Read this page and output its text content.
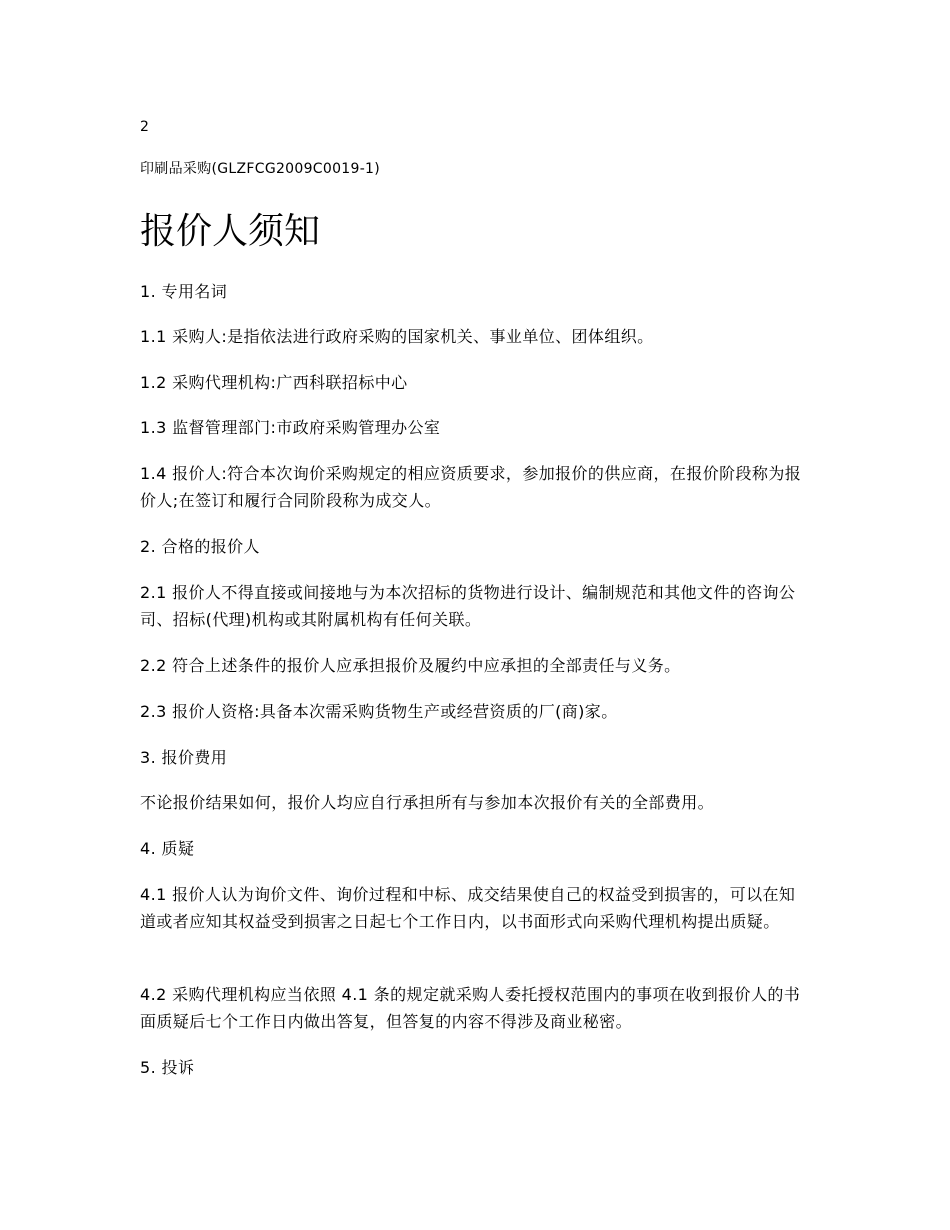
2
印刷品采购(GLZFCG2009C0019-1)
报价人须知

1. 专用名词

1.1 采购人:是指依法进行政府采购的国家机关、事业单位、团体组织。

1.2 采购代理机构:广西科联招标中心

1.3 监督管理部门:市政府采购管理办公室

1.4 报价人:符合本次询价采购规定的相应资质要求，参加报价的供应商，在报价阶段称为报价人;在签订和履行合同阶段称为成交人。

2. 合格的报价人

2.1 报价人不得直接或间接地与为本次招标的货物进行设计、编制规范和其他文件的咨询公司、招标(代理)机构或其附属机构有任何关联。

2.2 符合上述条件的报价人应承担报价及履约中应承担的全部责任与义务。

2.3 报价人资格:具备本次需采购货物生产或经营资质的厂(商)家。

3. 报价费用

不论报价结果如何，报价人均应自行承担所有与参加本次报价有关的全部费用。

4. 质疑

4.1 报价人认为询价文件、询价过程和中标、成交结果使自己的权益受到损害的，可以在知道或者应知其权益受到损害之日起七个工作日内，以书面形式向采购代理机构提出质疑。

4.2 采购代理机构应当依照 4.1 条的规定就采购人委托授权范围内的事项在收到报价人的书面质疑后七个工作日内做出答复，但答复的内容不得涉及商业秘密。

5. 投诉
